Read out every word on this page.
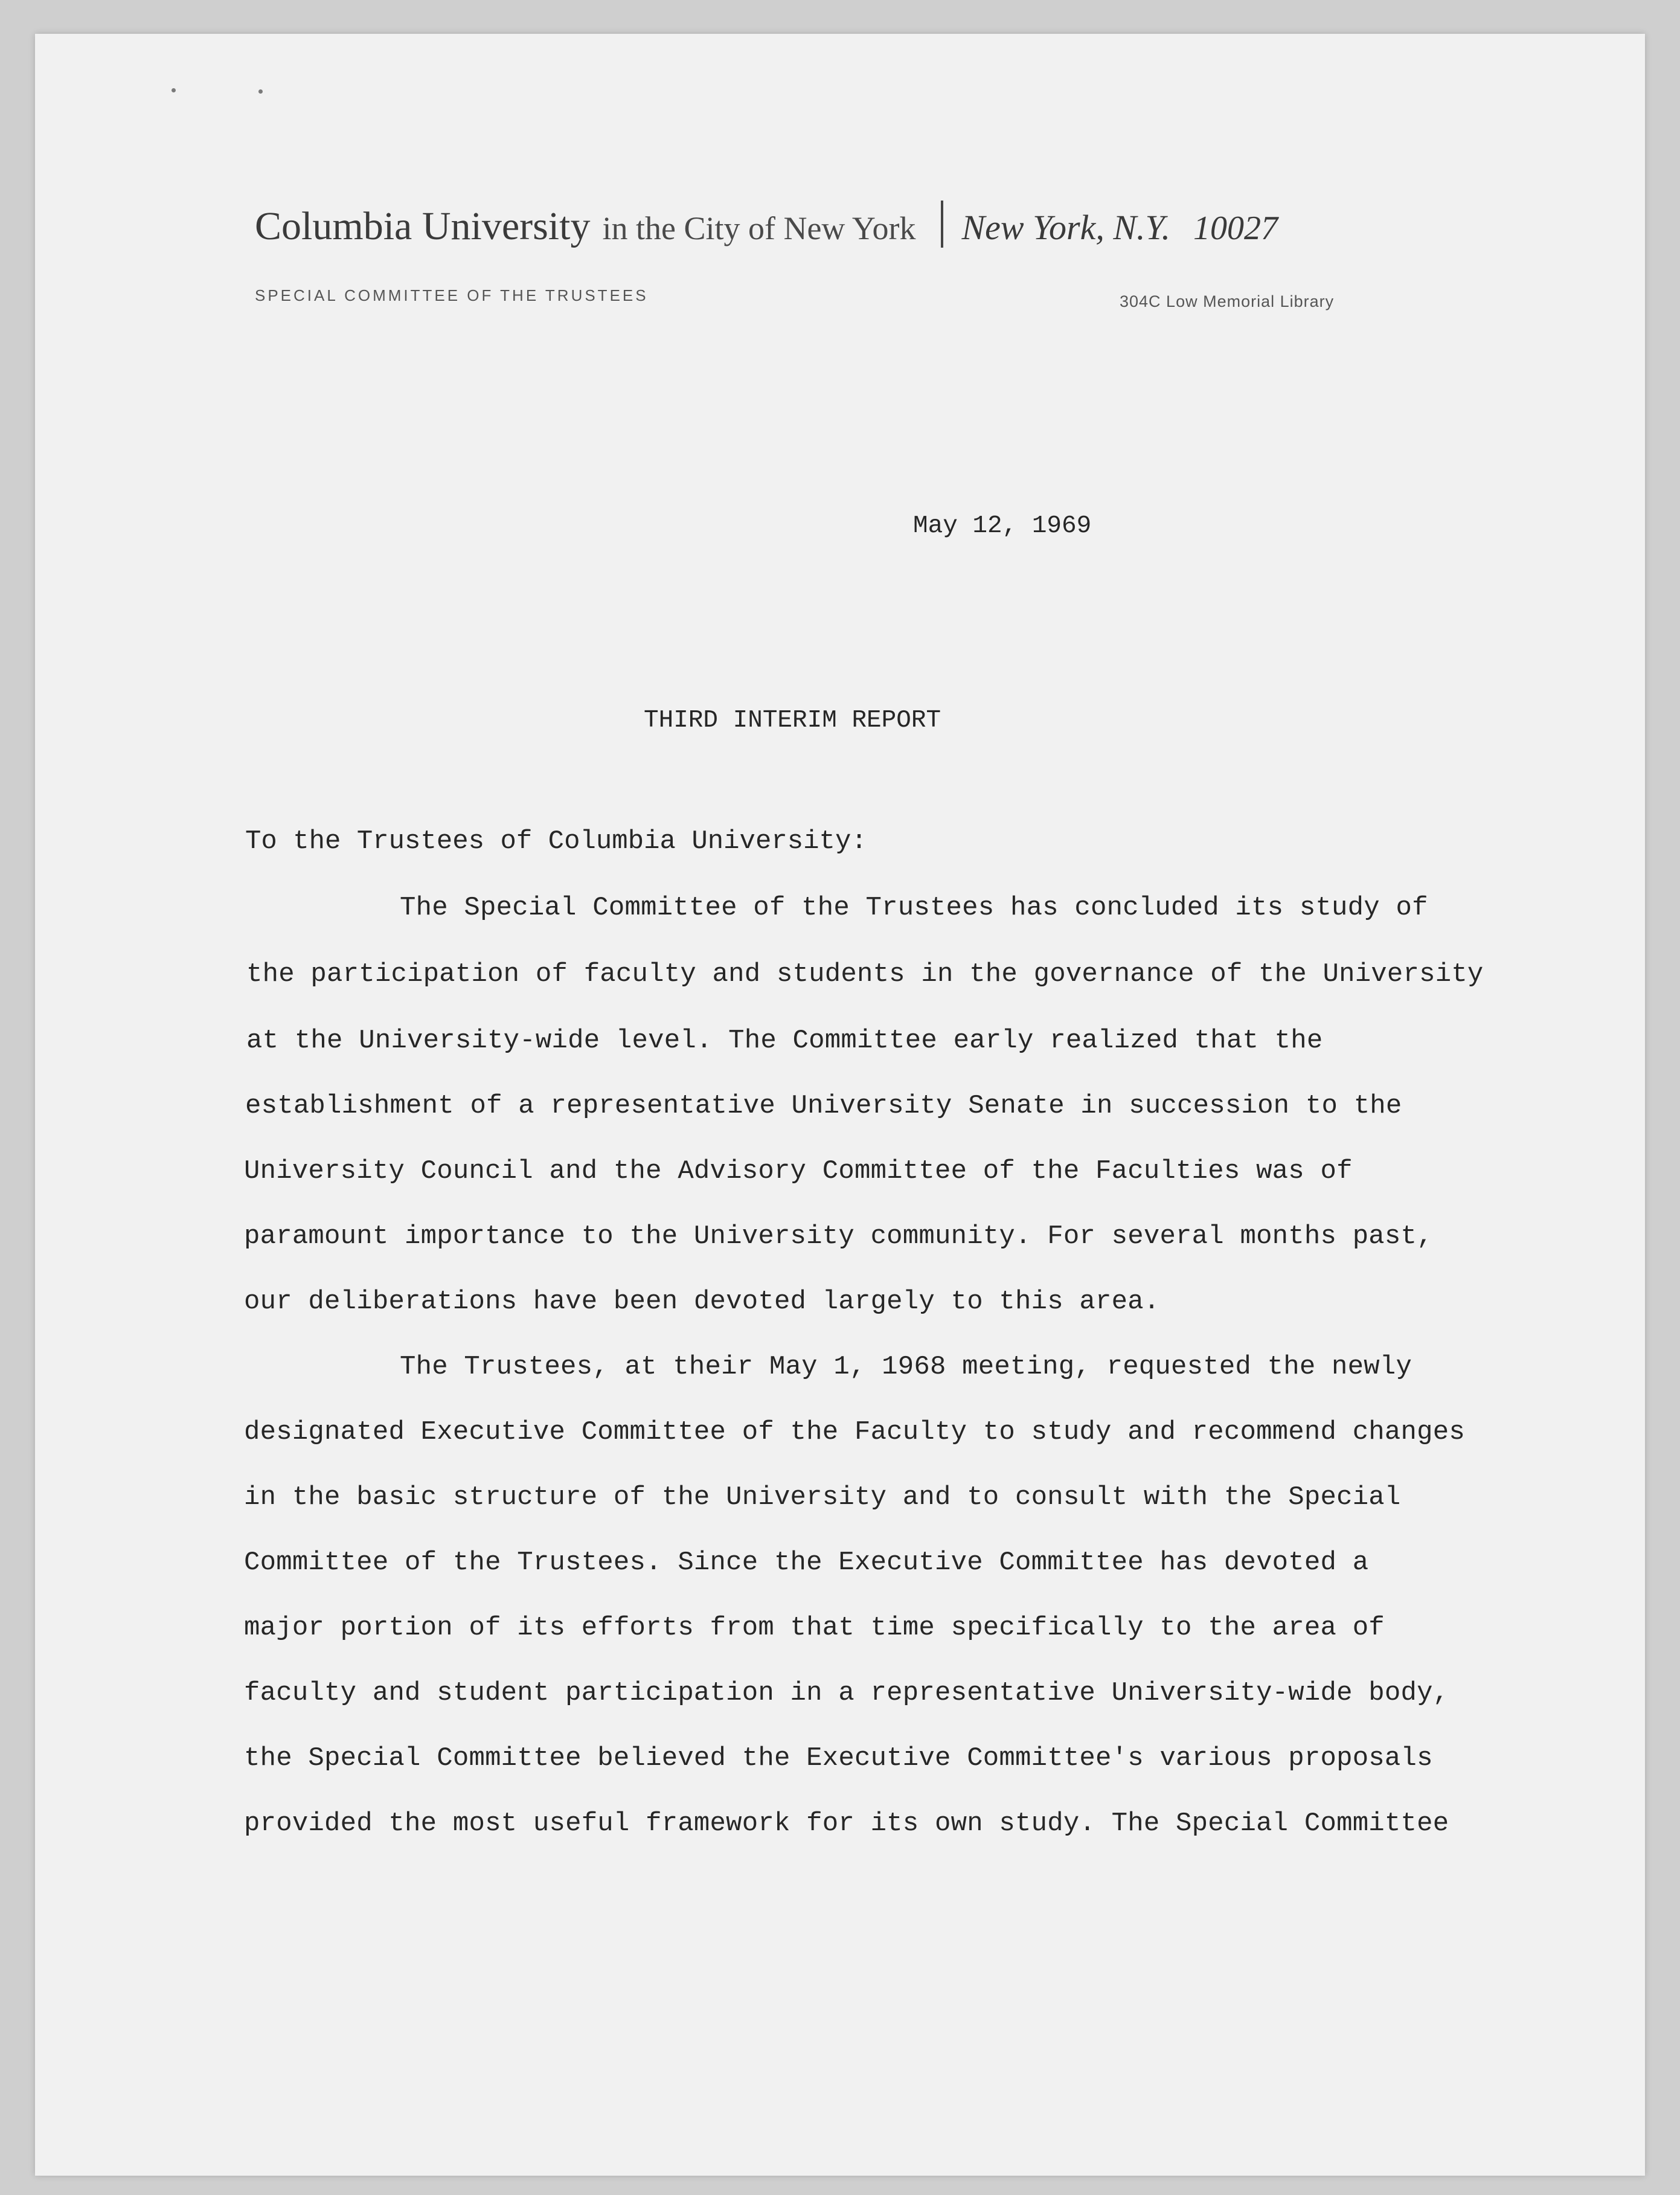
Columbia University in the City of New York New York, N.Y. 10027
SPECIAL COMMITTEE OF THE TRUSTEES	304C Low Memorial Library
May 12, 1969
THIRD INTERIM REPORT
To the Trustees of Columbia University:
The Special Committee of the Trustees has concluded its study of
the participation of faculty and students in the governance of the University
at the University-wide level. The Committee early realized that the
establishment of a representative University Senate in succession to the
University Council and the Advisory Committee of the Faculties was of
paramount importance to the University community. For several months past,
our deliberations have been devoted largely to this area.
The Trustees, at their May 1, 1968 meeting, requested the newly
designated Executive Committee of the Faculty to study and recommend changes
in the basic structure of the University and to consult with the Special
Committee of the Trustees. Since the Executive Committee has devoted a
major portion of its efforts from that time specifically to the area of
faculty and student participation in a representative University-wide body,
the Special Committee believed the Executive Committee's various proposals
provided the most useful framework for its own study. The Special Committee
